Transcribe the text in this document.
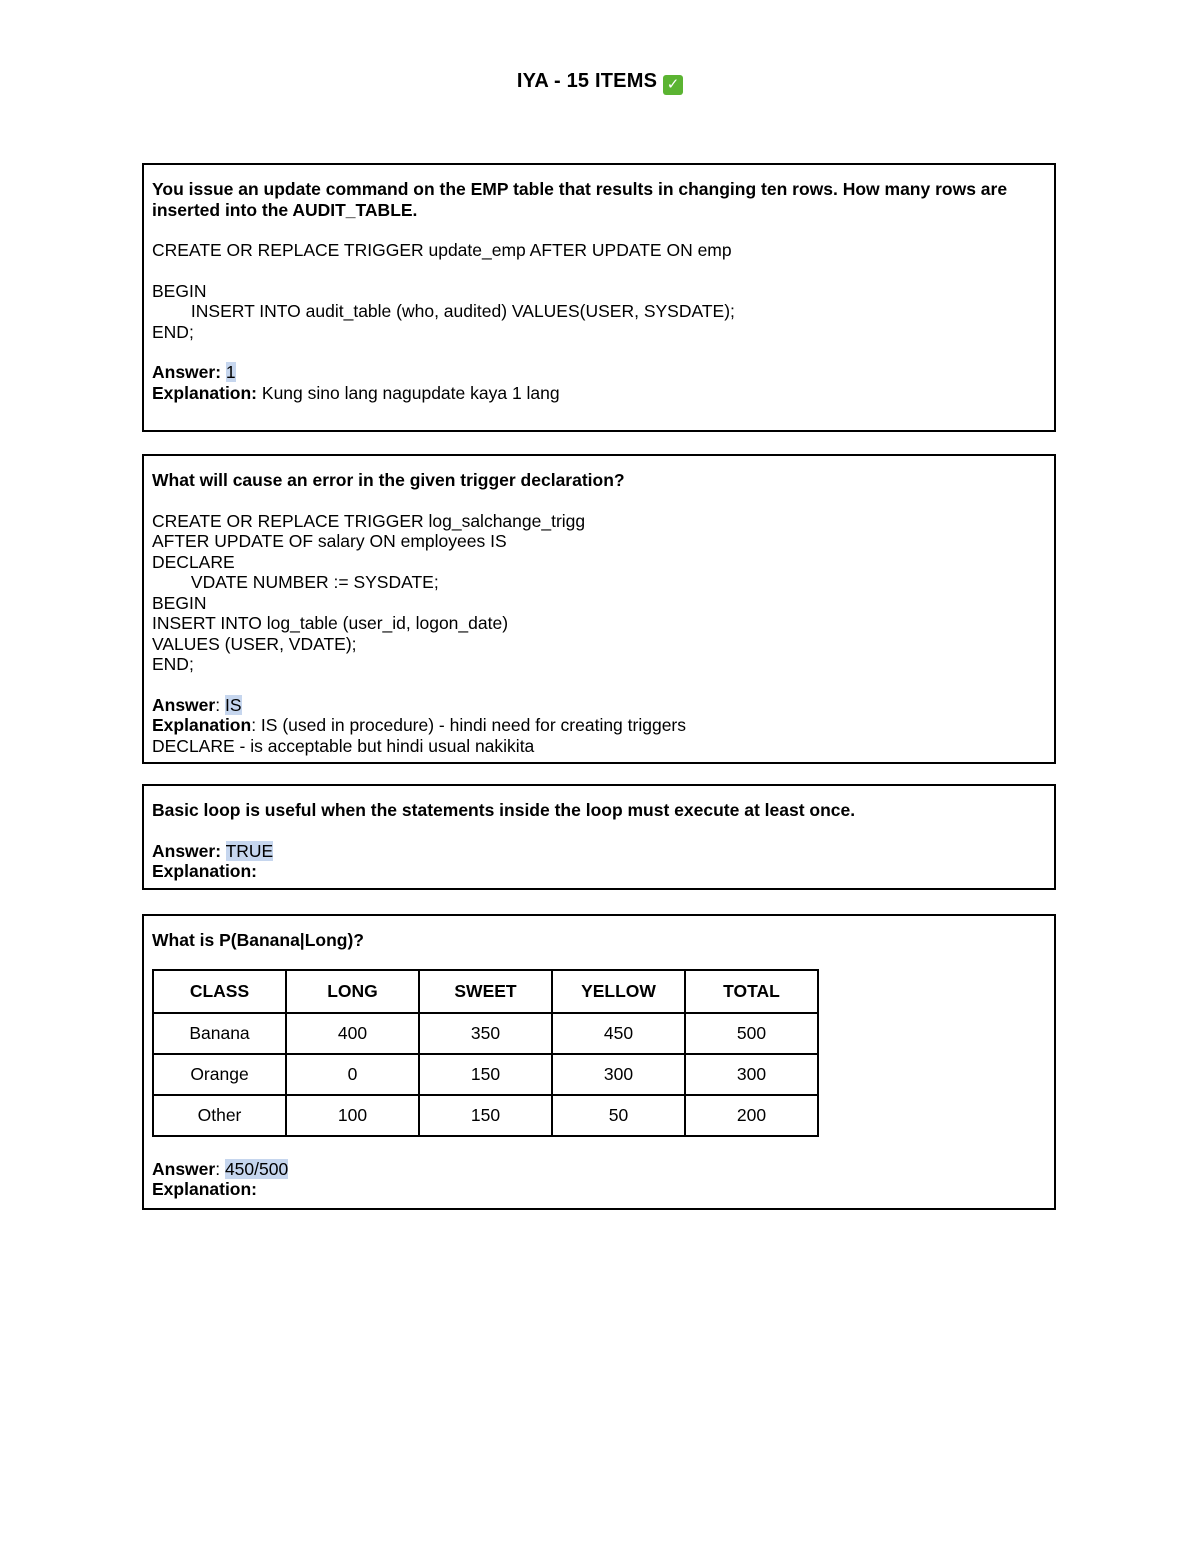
IYA - 15 ITEMS ✓

You issue an update command on the EMP table that results in changing ten rows. How many rows are inserted into the AUDIT_TABLE.

CREATE OR REPLACE TRIGGER update_emp AFTER UPDATE ON emp

BEGIN
INSERT INTO audit_table (who, audited) VALUES(USER, SYSDATE);
END;

Answer: 1
Explanation: Kung sino lang nagupdate kaya 1 lang

What will cause an error in the given trigger declaration?

CREATE OR REPLACE TRIGGER log_salchange_trigg
AFTER UPDATE OF salary ON employees IS
DECLARE
VDATE NUMBER := SYSDATE;
BEGIN
INSERT INTO log_table (user_id, logon_date)
VALUES (USER, VDATE);
END;

Answer: IS
Explanation: IS (used in procedure) - hindi need for creating triggers
DECLARE - is acceptable but hindi usual nakikita

Basic loop is useful when the statements inside the loop must execute at least once.

Answer: TRUE
Explanation:

What is P(Banana|Long)?

CLASS	LONG	SWEET	YELLOW	TOTAL
Banana	400	350	450	500
Orange	0	150	300	300
Other	100	150	50	200
Answer: 450/500
Explanation:
